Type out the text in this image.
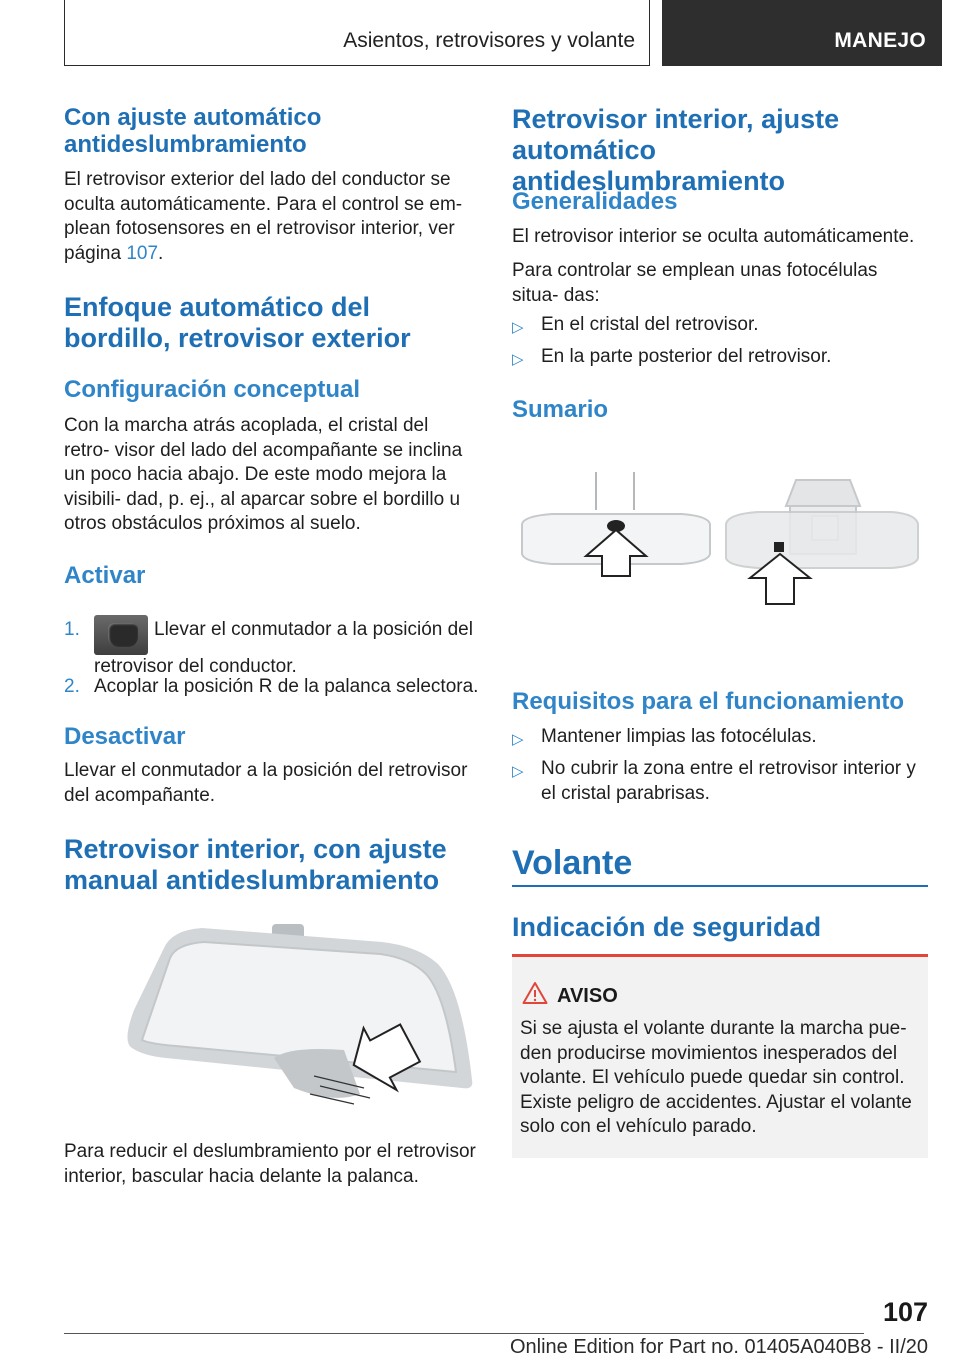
Asientos, retrovisores y volante	MANEJO
Con ajuste automático antideslumbramiento
El retrovisor exterior del lado del conductor se oculta automáticamente. Para el control se em‐ plean fotosensores en el retrovisor interior, ver página 107.
Enfoque automático del bordillo, retrovisor exterior
Configuración conceptual
Con la marcha atrás acoplada, el cristal del retro‐ visor del lado del acompañante se inclina un poco hacia abajo. De este modo mejora la visibili‐ dad, p. ej., al aparcar sobre el bordillo u otros obstáculos próximos al suelo.
Activar
1.	Llevar el conmutador a la posición del retrovisor del conductor.
2. Acoplar la posición R de la palanca selectora.
Desactivar
Llevar el conmutador a la posición del retrovisor del acompañante.
Retrovisor interior, con ajuste manual antideslumbramiento
Para reducir el deslumbramiento por el retrovisor interior, bascular hacia delante la palanca.
Retrovisor interior, ajuste automático antideslumbramiento
Generalidades
El retrovisor interior se oculta automáticamente.
Para controlar se emplean unas fotocélulas situa‐ das:
▷ En el cristal del retrovisor.
▷ En la parte posterior del retrovisor.
Sumario
Requisitos para el funcionamiento
▷ Mantener limpias las fotocélulas.
▷ No cubrir la zona entre el retrovisor interior y el cristal parabrisas.
Volante
Indicación de seguridad
AVISO
Si se ajusta el volante durante la marcha pue‐ den producirse movimientos inesperados del volante. El vehículo puede quedar sin control. Existe peligro de accidentes. Ajustar el volante solo con el vehículo parado.
107
Online Edition for Part no. 01405A040B8 - II/20
